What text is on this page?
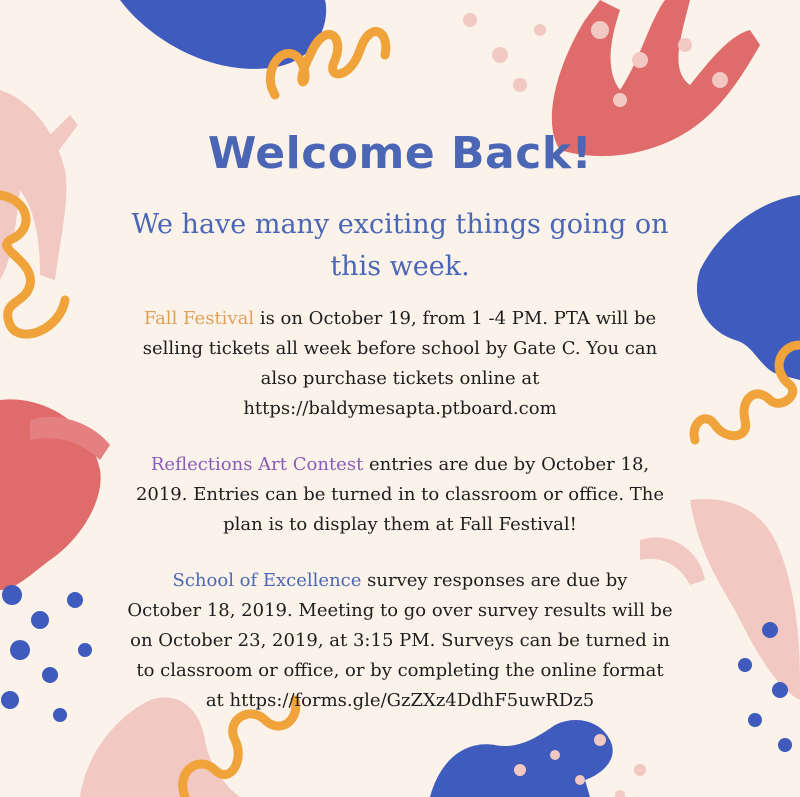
Welcome Back!

We have many exciting things going on
this week.

Fall Festival is on October 19, from 1 -4 PM. PTA will be
selling tickets all week before school by Gate C. You can
also purchase tickets online at
https://baldymesapta.ptboard.com

Reflections Art Contest entries are due by October 18,
2019. Entries can be turned in to classroom or office. The
plan is to display them at Fall Festival!

School of Excellence survey responses are due by
October 18, 2019. Meeting to go over survey results will be
on October 23, 2019, at 3:15 PM. Surveys can be turned in
to classroom or office, or by completing the online format
at https://forms.gle/GzZXz4DdhF5uwRDz5
